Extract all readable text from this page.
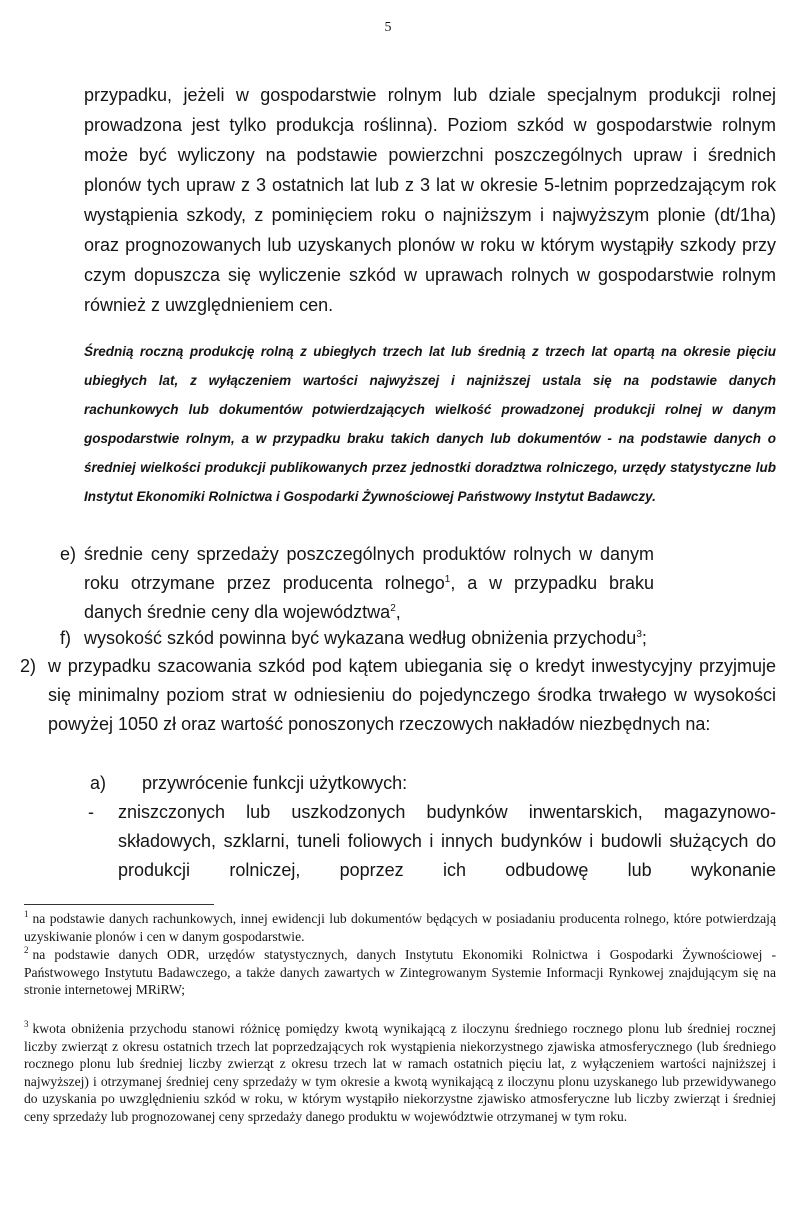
5

przypadku, jeżeli w gospodarstwie rolnym lub dziale specjalnym produkcji rolnej prowadzona jest tylko produkcja roślinna). Poziom szkód w gospodarstwie rolnym może być wyliczony na podstawie powierzchni poszczególnych upraw i średnich plonów tych upraw z 3 ostatnich lat lub z 3 lat w okresie 5-letnim poprzedzającym rok wystąpienia szkody, z pominięciem roku o najniższym i najwyższym plonie (dt/1ha) oraz prognozowanych lub uzyskanych plonów w roku w którym wystąpiły szkody przy czym dopuszcza się wyliczenie szkód w uprawach rolnych w gospodarstwie rolnym również z uwzględnieniem cen.

Średnią roczną produkcję rolną z ubiegłych trzech lat lub średnią z trzech lat opartą na okresie pięciu ubiegłych lat, z wyłączeniem wartości najwyższej i najniższej ustala się na podstawie danych rachunkowych lub dokumentów potwierdzających wielkość prowadzonej produkcji rolnej w danym gospodarstwie rolnym, a w przypadku braku takich danych lub dokumentów - na podstawie danych o średniej wielkości produkcji publikowanych przez jednostki doradztwa rolniczego, urzędy statystyczne lub Instytut Ekonomiki Rolnictwa i Gospodarki Żywnościowej Państwowy Instytut Badawczy.

e) średnie ceny sprzedaży poszczególnych produktów rolnych w danym roku otrzymane przez producenta rolnego$^1$, a w przypadku braku danych średnie ceny dla województwa$^2$,
f) wysokość szkód powinna być wykazana według obniżenia przychodu$^3$;
2) w przypadku szacowania szkód pod kątem ubiegania się o kredyt inwestycyjny przyjmuje się minimalny poziom strat w odniesieniu do pojedynczego środka trwałego w wysokości powyżej 1050 zł oraz wartość ponoszonych rzeczowych nakładów niezbędnych na:
a) przywrócenie funkcji użytkowych:
- zniszczonych lub uszkodzonych budynków inwentarskich, magazynowo-składowych, szklarni, tuneli foliowych i innych budynków i budowli służących do produkcji rolniczej, poprzez ich odbudowę lub wykonanie
$^1$ na podstawie danych rachunkowych, innej ewidencji lub dokumentów będących w posiadaniu producenta rolnego, które potwierdzają uzyskiwanie plonów i cen w danym gospodarstwie.
$^2$ na podstawie danych ODR, urzędów statystycznych, danych Instytutu Ekonomiki Rolnictwa i Gospodarki Żywnościowej - Państwowego Instytutu Badawczego, a także danych zawartych w Zintegrowanym Systemie Informacji Rynkowej znajdującym się na stronie internetowej MRiRW;
$^3$ kwota obniżenia przychodu stanowi różnicę pomiędzy kwotą wynikającą z iloczynu średniego rocznego plonu lub średniej rocznej liczby zwierząt z okresu ostatnich trzech lat poprzedzających rok wystąpienia niekorzystnego zjawiska atmosferycznego (lub średniego rocznego plonu lub średniej liczby zwierząt z okresu trzech lat w ramach ostatnich pięciu lat, z wyłączeniem wartości najniższej i najwyższej) i otrzymanej średniej ceny sprzedaży w tym okresie a kwotą wynikającą z iloczynu plonu uzyskanego lub przewidywanego do uzyskania po uwzględnieniu szkód w roku, w którym wystąpiło niekorzystne zjawisko atmosferyczne lub liczby zwierząt i średniej ceny sprzedaży lub prognozowanej ceny sprzedaży danego produktu w województwie otrzymanej w tym roku.
